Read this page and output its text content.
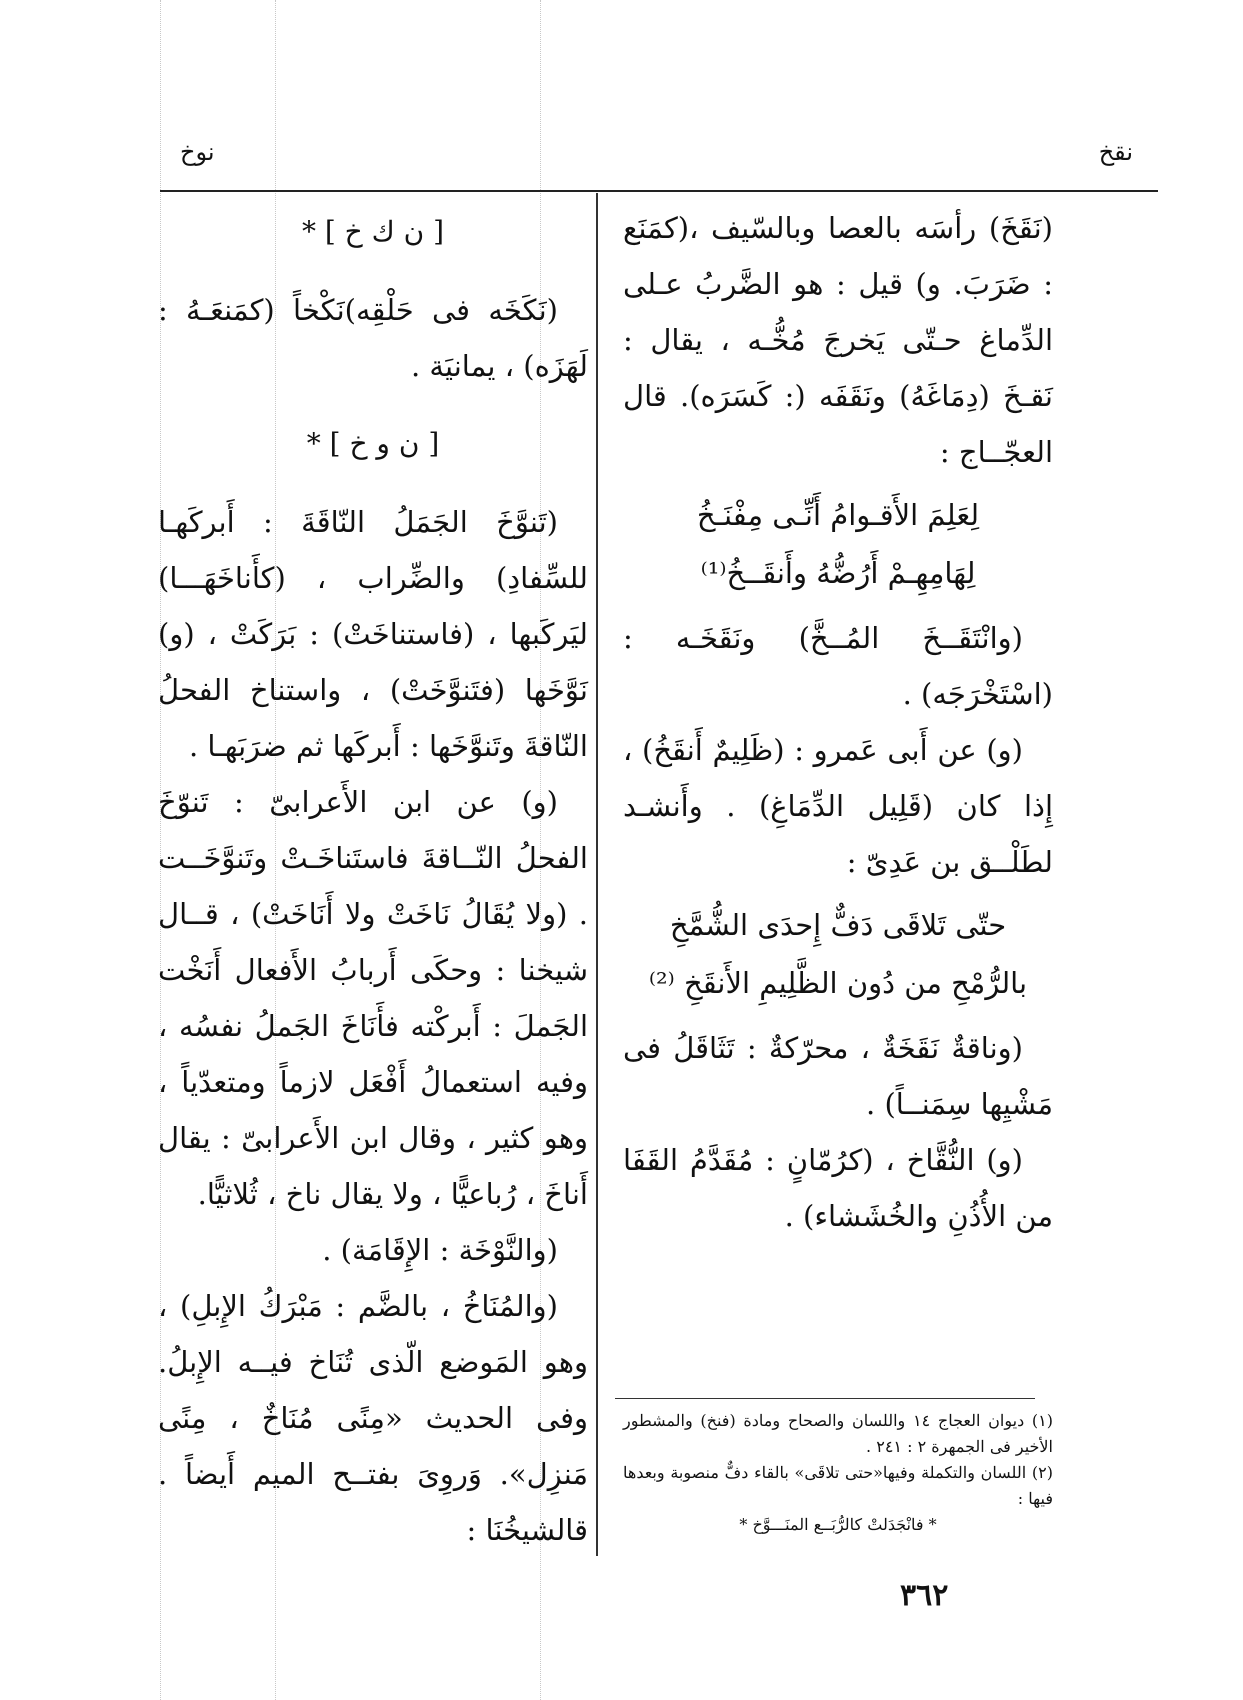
نقخ
نوخ

(نَقَخَ) رأسَه بالعصا وبالسّيف ،(كمَنَع : ضَرَبَ. و) قيل : هو الضَّربُ عـلى الدِّماغ حـتّى يَخرجَ مُخُّـه ، يقال : نَقـخَ (دِمَاغَهُ) ونَقَفَه (: كَسَرَه). قال العجّــاج :

لِعَلِمَ الأَقـوامُ أَنِّـى مِفْنَـخُ

لِهَامِهِـمْ أَرُضُّهُ وأَنقَــخُ⁽¹⁾

(وانْتَقَــخَ المُــخَّ) ونَقَخَـه : (اسْتَخْرَجَه) .

(و) عن أَبى عَمرو : (ظَلِيمٌ أَنقَخُ) ، إِذا كان (قَلِيل الدِّمَاغِ) . وأَنشـد لطَلْــق بن عَدِىّ :

حتّى تَلاقَى دَفٌّ إِحدَى الشُّمَّخِ

بالرُّمْحِ من دُون الظَّلِيمِ الأَنقَخِ ⁽²⁾

(وناقةٌ نَقَخَةٌ ، محرّكةٌ : تَثَاقَلُ فى مَشْيِها سِمَنــاً) .

(و) النُّقَّاخ ، (كرُمّانٍ : مُقَدَّمُ القَفَا من الأُذُنِ والخُشَشاء) .

[ ن ك خ ] *

(نَكَخَه فى حَلْقِه)نَكْخاً (كمَنعَـهُ : لَهَزَه) ، يمانيَة .

[ ن و خ ] *

(تَنوَّخَ الجَمَلُ النّاقَةَ : أَبركَهـا للسِّفادِ) والضِّراب ، (كأَناخَهَـــا) ليَركَبها ، (فاستناخَتْ) : بَرَكَتْ ، (و) نَوَّخَها (فتَنوَّخَتْ) ، واستناخ الفحلُ النّاقةَ وتَنوَّخَها : أَبركَها ثم ضرَبَهـا .

(و) عن ابن الأَعرابىّ : تَنوّخَ الفحلُ النّــاقةَ فاستَناخَـتْ وتَنوَّخَــت . (ولا يُقَالُ نَاخَتْ ولا أَنَاخَتْ) ، قــال شيخنا : وحكَى أَربابُ الأَفعال أَنَخْت الجَملَ : أَبركْته فأَنَاخَ الجَملُ نفسُه ، وفيه استعمالُ أَفْعَل لازماً ومتعدّياً ، وهو كثير ، وقال ابن الأَعرابىّ : يقال أَناخَ ، رُباعيًّا ، ولا يقال ناخ ، ثُلاثيًّا.

(والنَّوْخَة : الإِقَامَة) .

(والمُنَاخُ ، بالضَّم : مَبْرَكُ الإِبلِ) ، وهو المَوضع الّذى تُنَاخ فيــه الإِبلُ. وفى الحديث «مِنًى مُنَاخٌ ، مِنًى مَنزِل». وَروِىَ بفتــح الميم أَيضاً . قالشيخُنَا :

(١) ديوان العجاج ١٤ واللسان والصحاح ومادة (فنخ) والمشطور الأخير فى الجمهرة ٢ : ٢٤١ .

(٢) اللسان والتكملة وفيها«حتى تلاقَى» بالقاء دفٌّ منصوبة وبعدها فيها :

* فانْجَدَلتْ كالرُّبَــع المنَـــوَّخ *

٣٦٢
